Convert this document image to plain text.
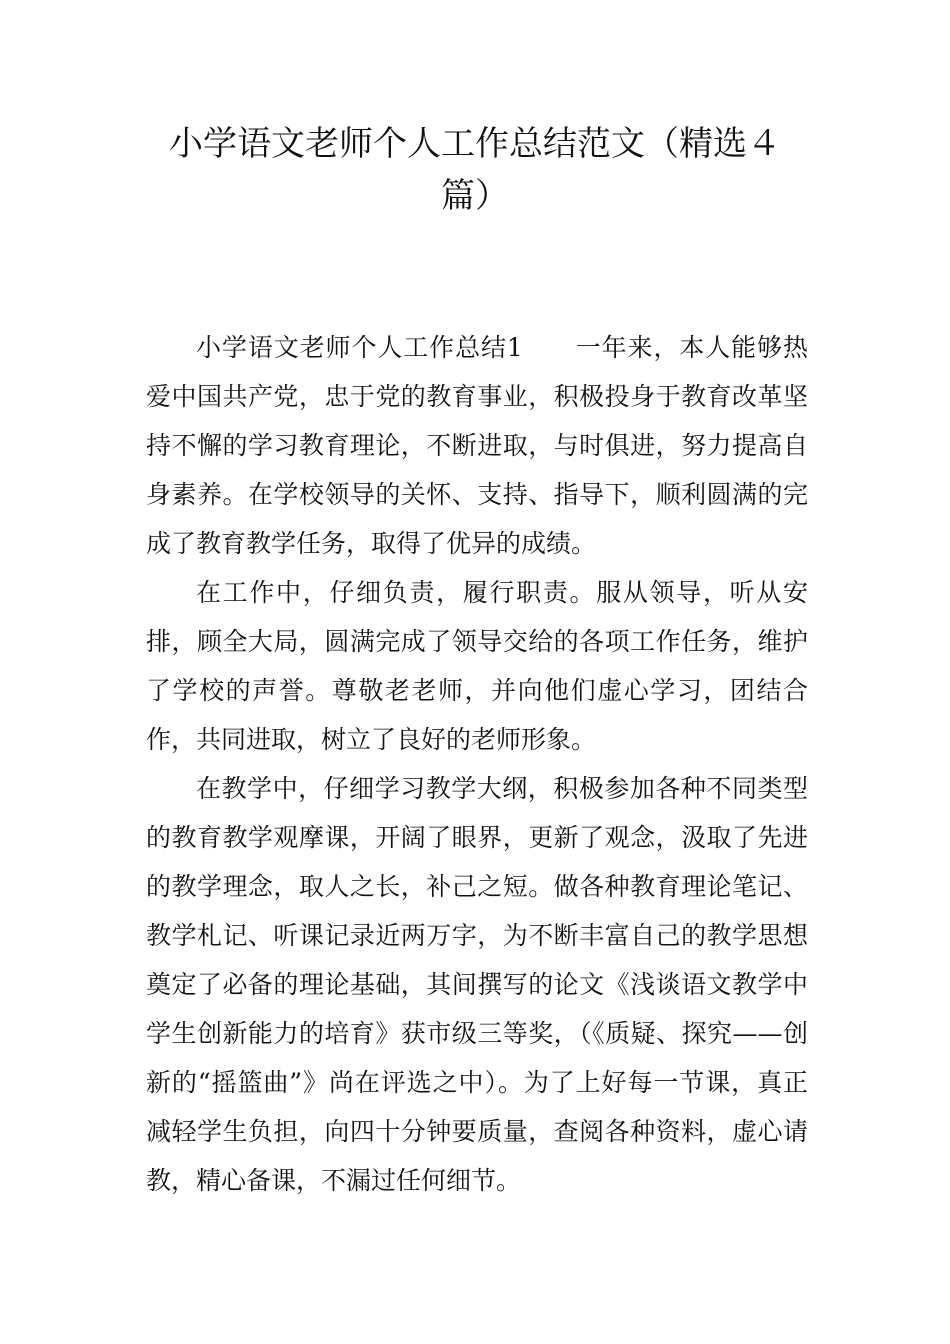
小学语文老师个人工作总结范文（精选４
篇）

小学语文老师个人工作总结1 一年来，本人能够热爱中国共产党，忠于党的教育事业，积极投身于教育改革坚持不懈的学习教育理论，不断进取，与时俱进，努力提高自身素养。在学校领导的关怀、支持、指导下，顺利圆满的完成了教育教学任务，取得了优异的成绩。

在工作中，仔细负责，履行职责。服从领导，听从安排，顾全大局，圆满完成了领导交给的各项工作任务，维护了学校的声誉。尊敬老老师，并向他们虚心学习，团结合作，共同进取，树立了良好的老师形象。

在教学中，仔细学习教学大纲，积极参加各种不同类型的教育教学观摩课，开阔了眼界，更新了观念，汲取了先进的教学理念，取人之长，补己之短。做各种教育理论笔记、教学札记、听课记录近两万字，为不断丰富自己的教学思想奠定了必备的理论基础，其间撰写的论文《浅谈语文教学中学生创新能力的培育》获市级三等奖，（《质疑、探究——创新的“摇篮曲”》尚在评选之中）。为了上好每一节课，真正减轻学生负担，向四十分钟要质量，查阅各种资料，虚心请教，精心备课，不漏过任何细节。
